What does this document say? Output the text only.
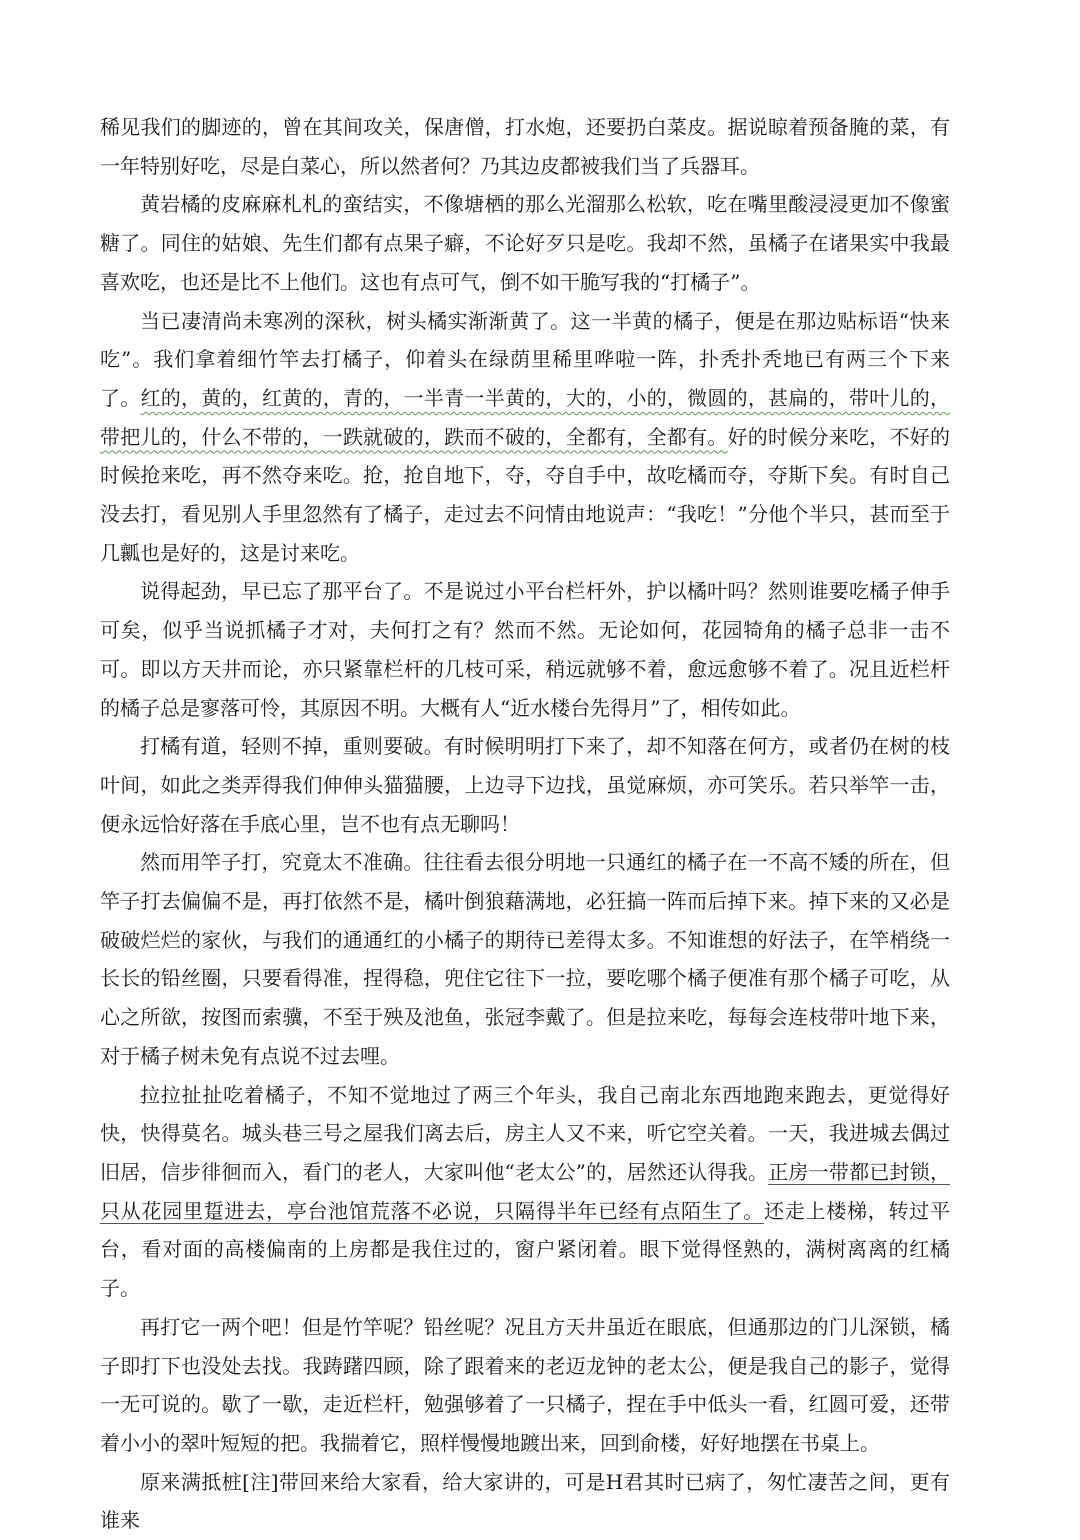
稀见我们的脚迹的，曾在其间攻关，保唐僧，打水炮，还要扔白菜皮。据说晾着预备腌的菜，有一年特别好吃，尽是白菜心，所以然者何？乃其边皮都被我们当了兵器耳。

黄岩橘的皮麻麻札札的蛮结实，不像塘栖的那么光溜那么松软，吃在嘴里酸浸浸更加不像蜜糖了。同住的姑娘、先生们都有点果子癖，不论好歹只是吃。我却不然，虽橘子在诸果实中我最喜欢吃，也还是比不上他们。这也有点可气，倒不如干脆写我的“打橘子”。

当已凄清尚未寒冽的深秋，树头橘实渐渐黄了。这一半黄的橘子，便是在那边贴标语“快来吃”。我们拿着细竹竿去打橘子，仰着头在绿荫里稀里哗啦一阵，扑秃扑秃地已有两三个下来了。红的，黄的，红黄的，青的，一半青一半黄的，大的，小的，微圆的，甚扁的，带叶儿的，带把儿的，什么不带的，一跌就破的，跌而不破的，全都有，全都有。好的时候分来吃，不好的时候抢来吃，再不然夺来吃。抢，抢自地下，夺，夺自手中，故吃橘而夺，夺斯下矣。有时自己没去打，看见别人手里忽然有了橘子，走过去不问情由地说声：“我吃！”分他个半只，甚而至于几瓤也是好的，这是讨来吃。

说得起劲，早已忘了那平台了。不是说过小平台栏杆外，护以橘叶吗？然则谁要吃橘子伸手可矣，似乎当说抓橘子才对，夫何打之有？然而不然。无论如何，花园犄角的橘子总非一击不可。即以方天井而论，亦只紧靠栏杆的几枝可采，稍远就够不着，愈远愈够不着了。况且近栏杆的橘子总是寥落可怜，其原因不明。大概有人“近水楼台先得月”了，相传如此。

打橘有道，轻则不掉，重则要破。有时候明明打下来了，却不知落在何方，或者仍在树的枝叶间，如此之类弄得我们伸伸头猫猫腰，上边寻下边找，虽觉麻烦，亦可笑乐。若只举竿一击，便永远恰好落在手底心里，岂不也有点无聊吗！

然而用竿子打，究竟太不准确。往往看去很分明地一只通红的橘子在一不高不矮的所在，但竿子打去偏偏不是，再打依然不是，橘叶倒狼藉满地，必狂搞一阵而后掉下来。掉下来的又必是破破烂烂的家伙，与我们的通通红的小橘子的期待已差得太多。不知谁想的好法子，在竿梢绕一长长的铅丝圈，只要看得准，捏得稳，兜住它往下一拉，要吃哪个橘子便准有那个橘子可吃，从心之所欲，按图而索骥，不至于殃及池鱼，张冠李戴了。但是拉来吃，每每会连枝带叶地下来，对于橘子树未免有点说不过去哩。

拉拉扯扯吃着橘子，不知不觉地过了两三个年头，我自己南北东西地跑来跑去，更觉得好快，快得莫名。城头巷三号之屋我们离去后，房主人又不来，听它空关着。一天，我进城去偶过旧居，信步徘徊而入，看门的老人，大家叫他“老太公”的，居然还认得我。正房一带都已封锁，只从花园里踅进去，亭台池馆荒落不必说，只隔得半年已经有点陌生了。还走上楼梯，转过平台，看对面的高楼偏南的上房都是我住过的，窗户紧闭着。眼下觉得怪熟的，满树离离的红橘子。

再打它一两个吧！但是竹竿呢？铅丝呢？况且方天井虽近在眼底，但通那边的门儿深锁，橘子即打下也没处去找。我踌躇四顾，除了跟着来的老迈龙钟的老太公，便是我自己的影子，觉得一无可说的。歇了一歇，走近栏杆，勉强够着了一只橘子，捏在手中低头一看，红圆可爱，还带着小小的翠叶短短的把。我揣着它，照样慢慢地踱出来，回到俞楼，好好地摆在书桌上。

原来满抵桩[注]带回来给大家看，给大家讲的，可是H君其时已病了，匆忙凄苦之间，更有谁来
